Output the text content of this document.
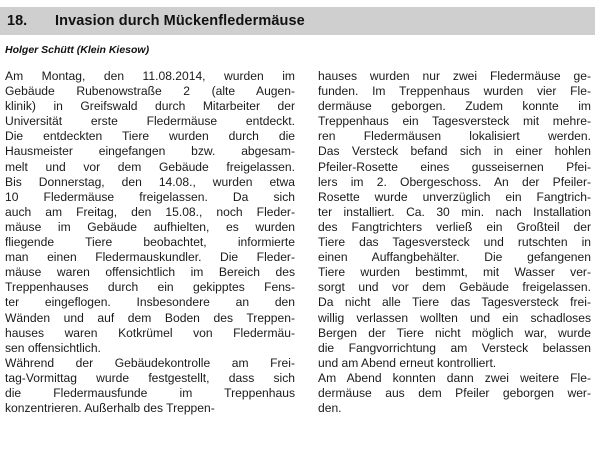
18.	Invasion durch Mückenfledermäuse
Holger Schütt (Klein Kiesow)
Am Montag, den 11.08.2014, wurden im
Gebäude Rubenowstraße 2 (alte Augen-
klinik) in Greifswald durch Mitarbeiter der
Universität erste Fledermäuse entdeckt.
Die entdeckten Tiere wurden durch die
Hausmeister eingefangen bzw. abgesam-
melt und vor dem Gebäude freigelassen.
Bis Donnerstag, den 14.08., wurden etwa
10 Fledermäuse freigelassen. Da sich
auch am Freitag, den 15.08., noch Fleder-
mäuse im Gebäude aufhielten, es wurden
fliegende Tiere beobachtet, informierte
man einen Fledermauskundler. Die Fleder-
mäuse waren offensichtlich im Bereich des
Treppenhauses durch ein gekipptes Fens-
ter eingeflogen. Insbesondere an den
Wänden und auf dem Boden des Treppen-
hauses waren Kotkrümel von Fledermäu-
sen offensichtlich.
Während der Gebäudekontrolle am Frei-
tag-Vormittag wurde festgestellt, dass sich
die Fledermausfunde im Treppenhaus
konzentrieren. Außerhalb des Treppen-
hauses wurden nur zwei Fledermäuse ge-
funden. Im Treppenhaus wurden vier Fle-
dermäuse geborgen. Zudem konnte im
Treppenhaus ein Tagesversteck mit mehre-
ren Fledermäusen lokalisiert werden.
Das Versteck befand sich in einer hohlen
Pfeiler-Rosette eines gusseisernen Pfei-
lers im 2. Obergeschoss. An der Pfeiler-
Rosette wurde unverzüglich ein Fangtrich-
ter installiert. Ca. 30 min. nach Installation
des Fangtrichters verließ ein Großteil der
Tiere das Tagesversteck und rutschten in
einen Auffangbehälter. Die gefangenen
Tiere wurden bestimmt, mit Wasser ver-
sorgt und vor dem Gebäude freigelassen.
Da nicht alle Tiere das Tagesversteck frei-
willig verlassen wollten und ein schadloses
Bergen der Tiere nicht möglich war, wurde
die Fangvorrichtung am Versteck belassen
und am Abend erneut kontrolliert.
Am Abend konnten dann zwei weitere Fle-
dermäuse aus dem Pfeiler geborgen wer-
den.
